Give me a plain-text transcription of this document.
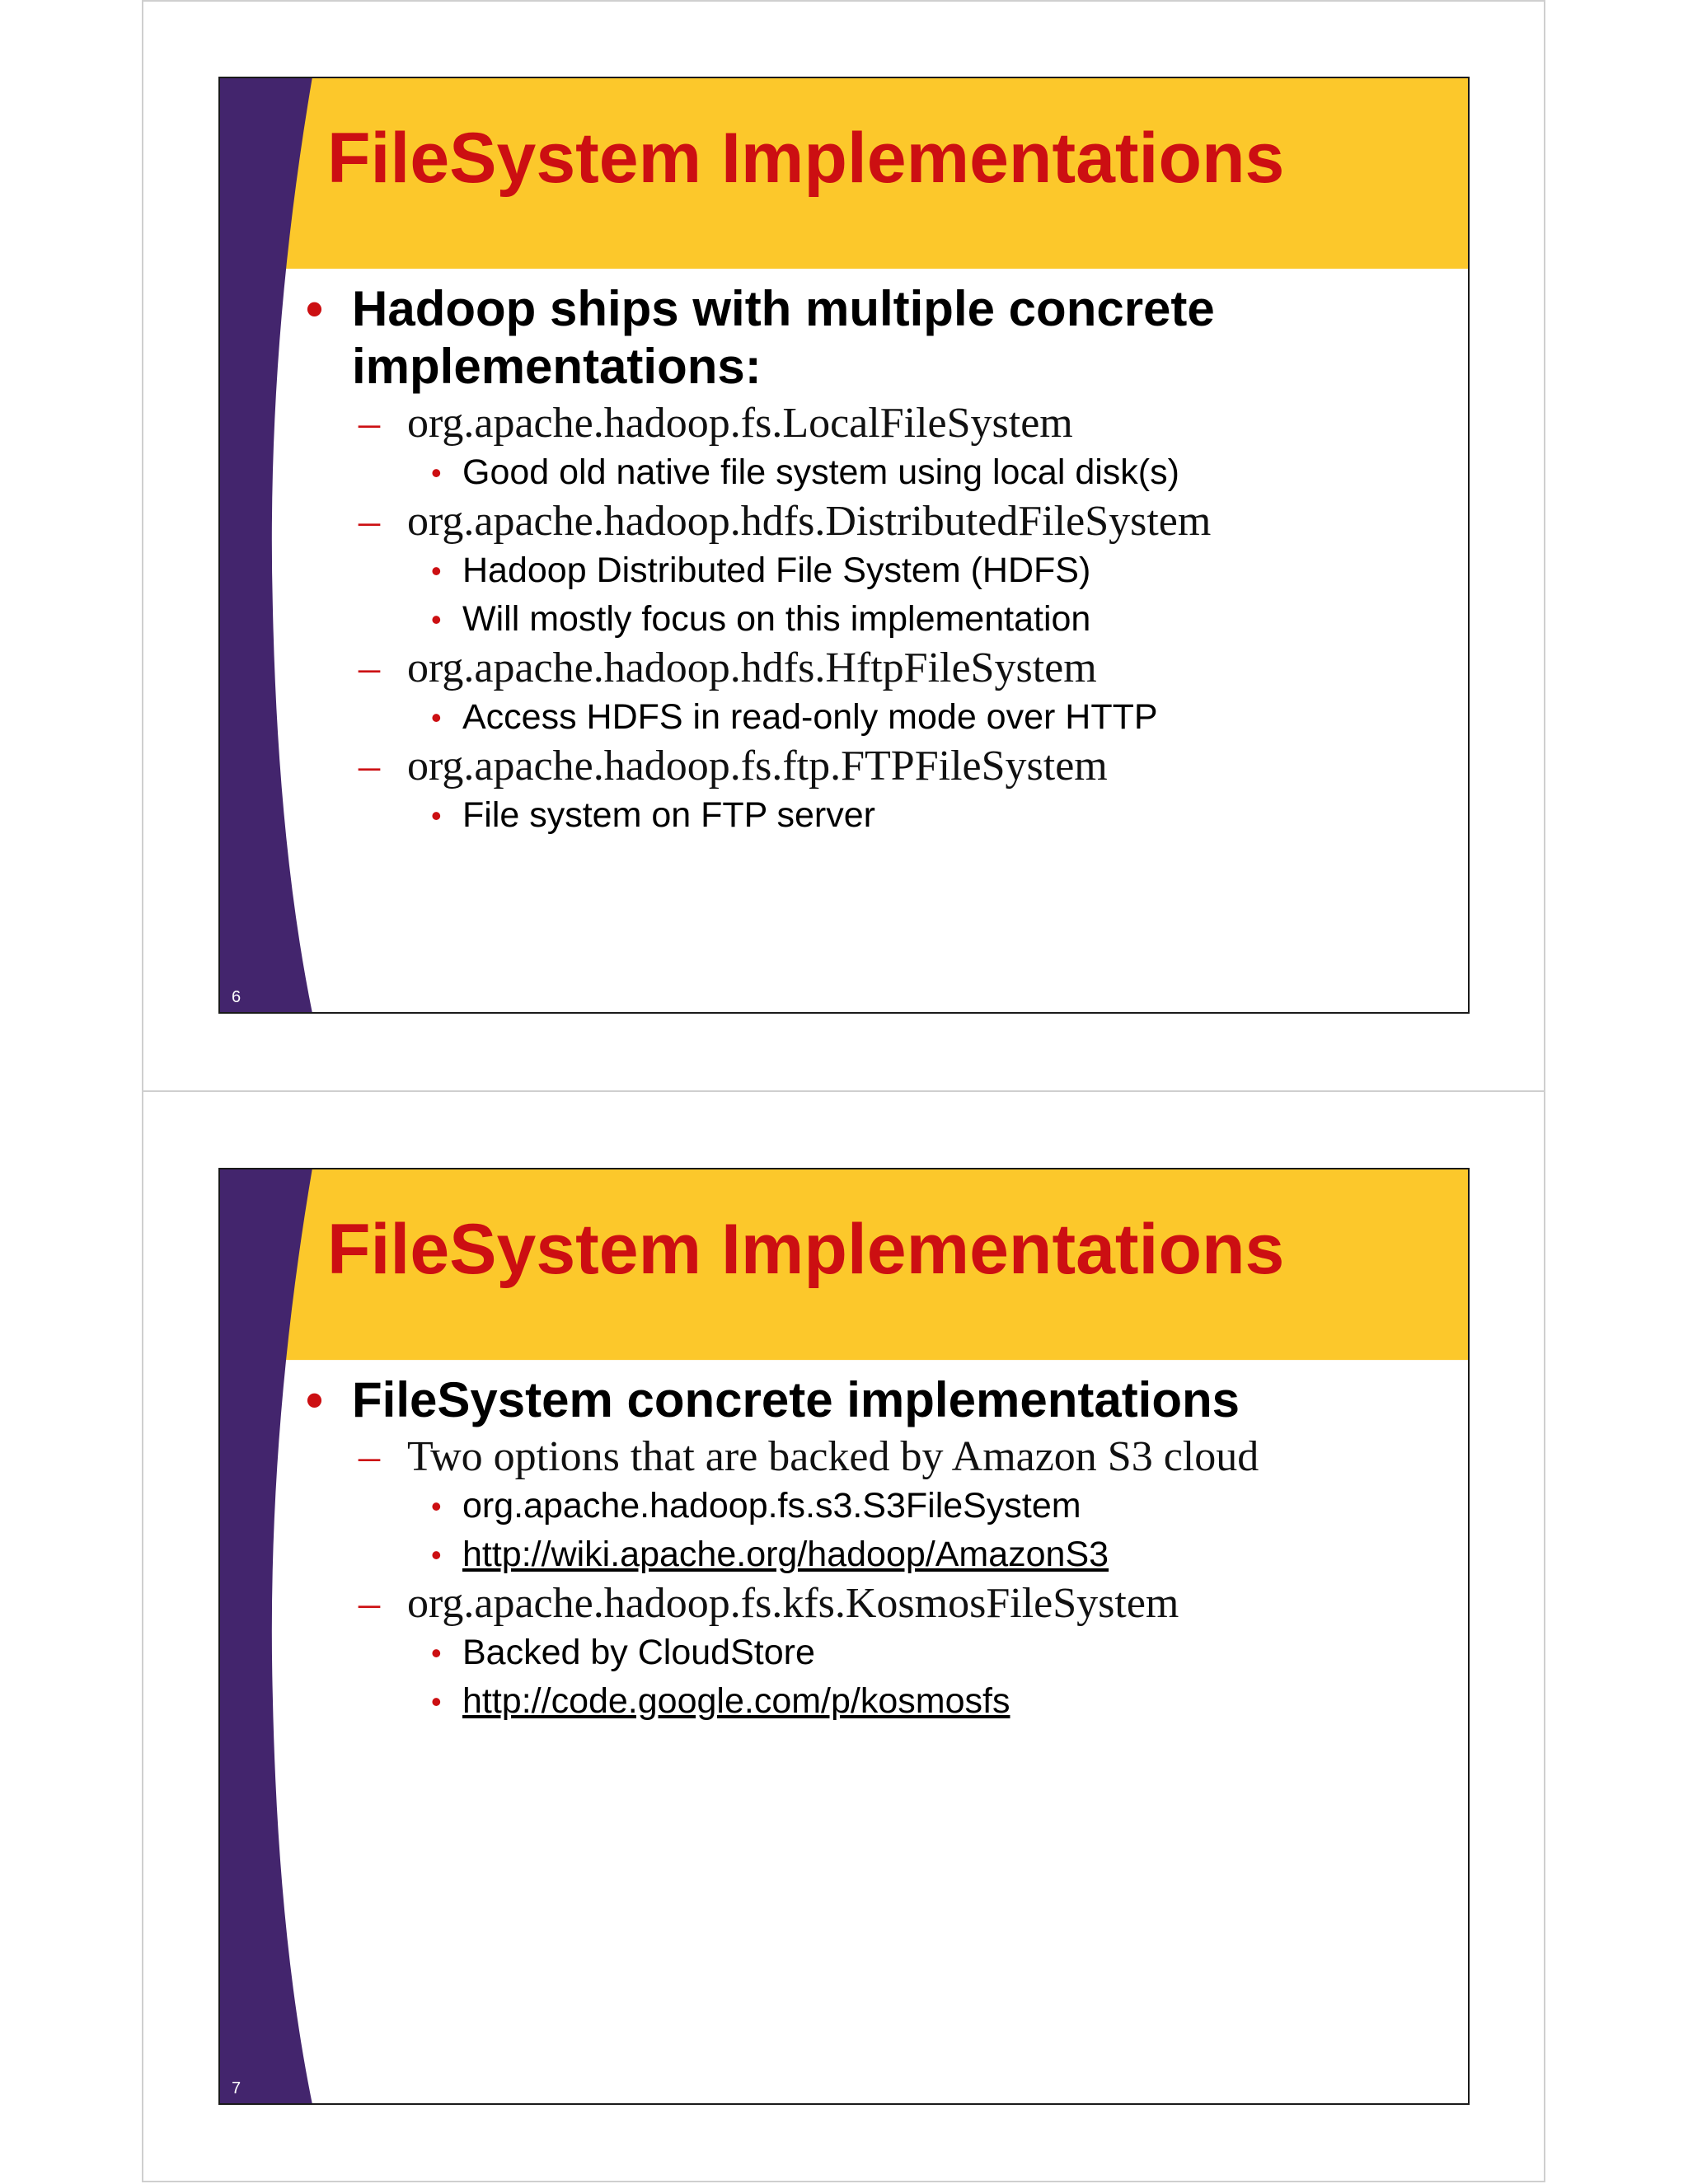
FileSystem Implementations
• Hadoop ships with multiple concrete implementations:
– org.apache.hadoop.fs.LocalFileSystem
• Good old native file system using local disk(s)
– org.apache.hadoop.hdfs.DistributedFileSystem
• Hadoop Distributed File System (HDFS)
• Will mostly focus on this implementation
– org.apache.hadoop.hdfs.HftpFileSystem
• Access HDFS in read-only mode over HTTP
– org.apache.hadoop.fs.ftp.FTPFileSystem
• File system on FTP server
6
FileSystem Implementations
• FileSystem concrete implementations
– Two options that are backed by Amazon S3 cloud
• org.apache.hadoop.fs.s3.S3FileSystem
• http://wiki.apache.org/hadoop/AmazonS3
– org.apache.hadoop.fs.kfs.KosmosFileSystem
• Backed by CloudStore
• http://code.google.com/p/kosmosfs
7
